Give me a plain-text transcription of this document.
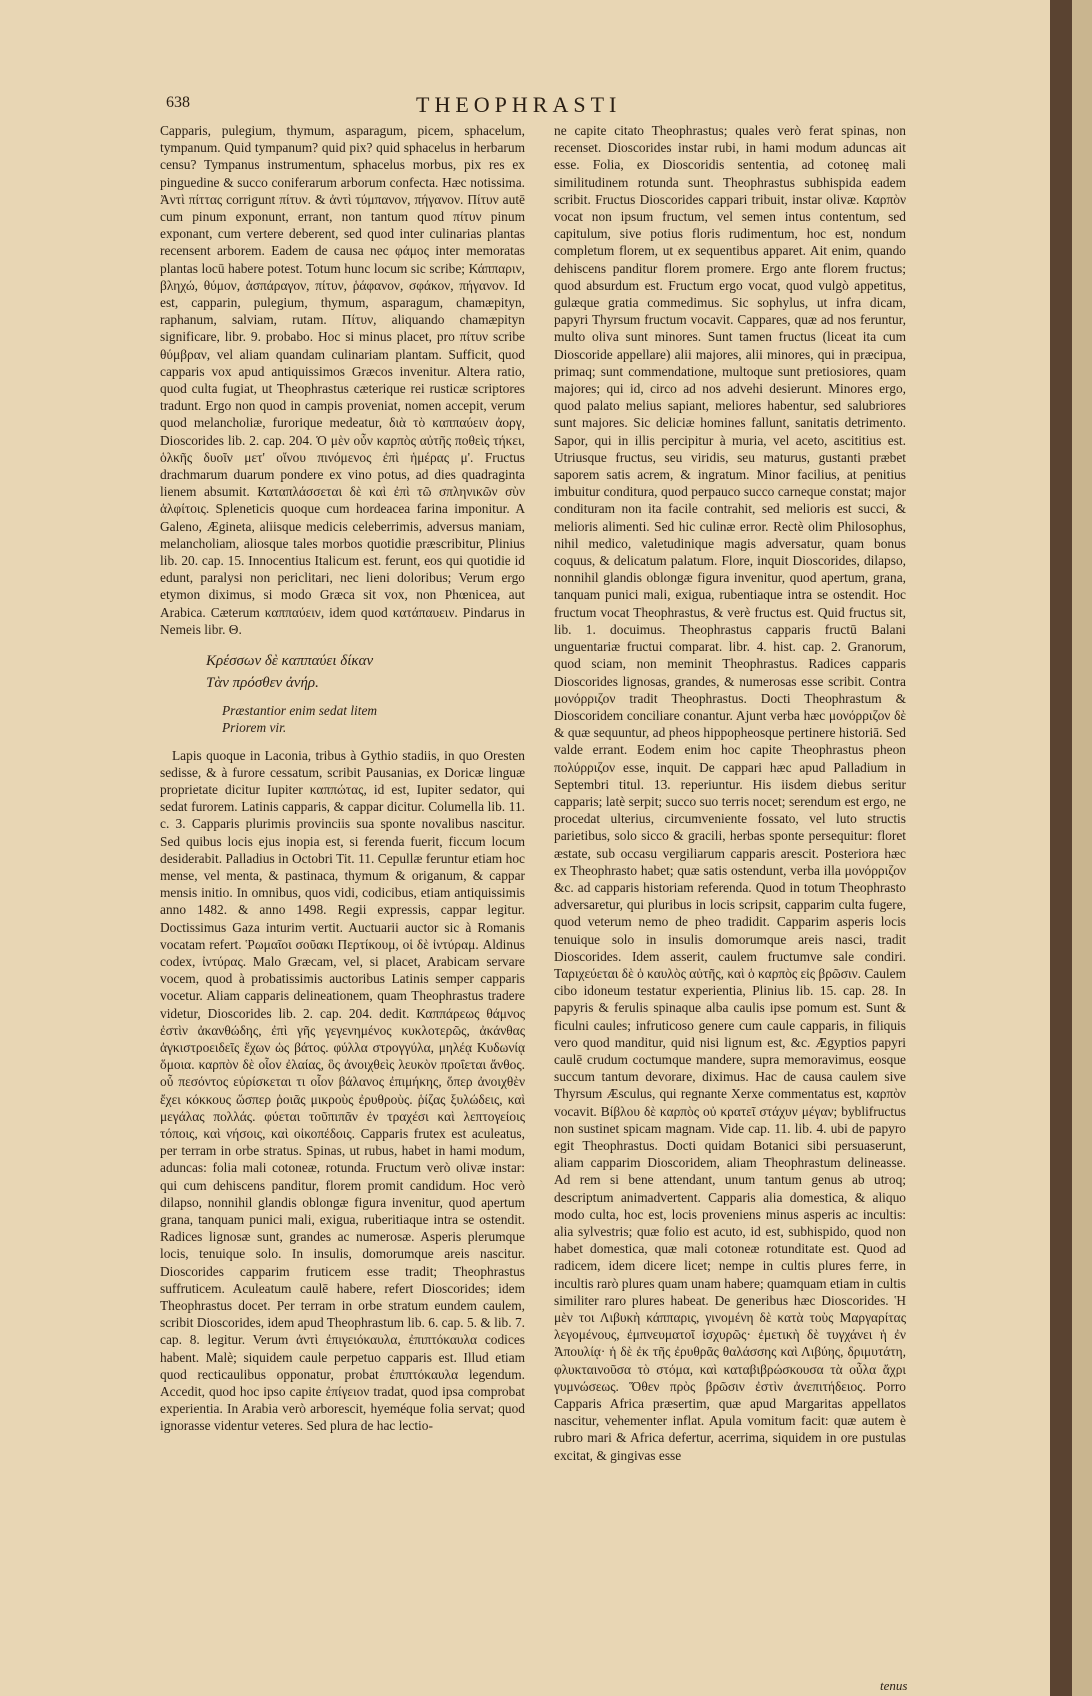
638	THEOPHRASTI

Capparis, pulegium, thymum, asparagum, picem, sphacelum, tympanum. Quid tympanum? quid pix? quid sphacelus in herbarum censu? Tympanus instrumentum, sphacelus morbus, pix res ex pinguedine & succo coniferarum arborum confecta. Hæc notissima. Ἀντὶ πίττας corrigunt πίτυν. & ἀντὶ τύμπανον, πήγανον. Πίτυν autē cum pinum exponunt, errant, non tantum quod πίτυν pinum exponant, cum vertere deberent, sed quod inter culinarias plantas recensent arborem. Eadem de causa nec φάμος inter memoratas plantas locū habere potest. Totum hunc locum sic scribe; Κάππαριν, βληχώ, θύμον, ἀσπάραγον, πίτυν, ῥάφανον, σφάκον, πήγανον. Id est, capparin, pulegium, thymum, asparagum, chamæpityn, raphanum, salviam, rutam. Πίτυν, aliquando chamæpityn significare, libr. 9. probabo. Hoc si minus placet, pro πίτυν scribe θύμβραν, vel aliam quandam culinariam plantam. Sufficit, quod capparis vox apud antiquissimos Græcos invenitur. Altera ratio, quod culta fugiat, ut Theophrastus cæterique rei rusticæ scriptores tradunt. Ergo non quod in campis proveniat, nomen accepit, verum quod melancholiæ, furorique medeatur, διὰ τὸ καππαύειν ἀοργ, Dioscorides lib. 2. cap. 204. Ὁ μὲν οὖν καρπὸς αὐτῆς ποθεὶς τήκει, ὁλκῆς δυοῖν μετ' οἴνου πινόμενος ἐπὶ ἡμέρας μ'. Fructus drachmarum duarum pondere ex vino potus, ad dies quadraginta lienem absumit. Καταπλάσσεται δὲ καὶ ἐπὶ τῶ σπληνικῶν σὺν ἀλφίτοις. Spleneticis quoque cum hordeacea farina imponitur. A Galeno, Æginetа, aliisque medicis celeberrimis, adversus maniam, melancholiam, aliosque tales morbos quotidie præscribitur, Plinius lib. 20. cap. 15. Innocentius Italicum est. ferunt, eos qui quotidie id edunt, paralysi non periclitari, nec lieni doloribus; Verum ergo etymon diximus, si modo Græca sit vox, non Phœnicea, aut Arabica. Cæterum καππαύειν, idem quod κατάπαυειν. Pindarus in Nemeis libr. Θ.

Κρέσσων δὲ καππαύει δίκαν
Τὰν πρόσθεν ἀνήρ.
Præstantior enim sedat litem
Priorem vir.

Lapis quoque in Laconia, tribus à Gythio stadiis, in quo Oresten sedisse, & à furore cessatum, scribit Pausanias, ex Doricæ linguæ proprietate dicitur Iupiter καππώτας, id est, Iupiter sedator, qui sedat furorem. Latinis capparis, & cappar dicitur. Columella lib. 11. c. 3. Capparis plurimis provinciis sua sponte novalibus nascitur. Sed quibus locis ejus inopia est, si ferenda fuerit, ficcum locum desiderabit. Palladius in Octobri Tit. 11. Cepullæ feruntur etiam hoc mense, vel menta, & pastinaca, thymum & origanum, & cappar mensis initio. In omnibus, quos vidi, codicibus, etiam antiquissimis anno 1482. & anno 1498. Regii expressis, cappar legitur. Doctissimus Gaza inturim vertit. Auctuarii auctor sic à Romanis vocatam refert. Ῥωμαῖοι σοῦακι Περτίκουμ, οἱ δὲ ἰντύραμ. Aldinus codex, ἰντύρας. Malo Græcam, vel, si placet, Arabicam servare vocem, quod à probatissimis auctoribus Latinis semper capparis vocetur. Aliam capparis delineationem, quam Theophrastus tradere videtur, Dioscorides lib. 2. cap. 204. dedit. Καππάρεως θάμνος ἐστὶν ἀκανθώδης, ἐπὶ γῆς γεγενημένος κυκλοτερῶς, ἀκάνθας ἀγκιστροειδεῖς ἔχων ὡς βάτος. φύλλα στρογγύλα, μηλέᾳ Κυδωνίᾳ ὅμοια. καρπὸν δὲ οἷον ἐλαίας, ὃς ἀνοιχθεὶς λευκὸν προΐεται ἄνθος. οὗ πεσόντος εὑρίσκεται τι οἷον βάλανος ἐπιμήκης, ὅπερ ἀνοιχθὲν ἔχει κόκκους ὥσπερ ῥοιᾶς μικροὺς ἐρυθροὺς. ῥίζας ξυλώδεις, καὶ μεγάλας πολλάς. φύεται τοῦπιπᾶν ἐν τραχέσι καὶ λεπτογείοις τόποις, καὶ νήσοις, καὶ οἰκοπέδοις. Capparis frutex est aculeatus, per terram in orbe stratus. Spinas, ut rubus, habet in hami modum, aduncas: folia mali cotoneæ, rotunda. Fructum verò olivæ instar: qui cum dehiscens panditur, florem promit candidum. Hoc verò dilapso, nonnihil glandis oblongæ figura invenitur, quod apertum grana, tanquam punici mali, exigua, ruberitiaque intra se ostendit. Radices lignosæ sunt, grandes ac numerosæ. Asperis plerumque locis, tenuique solo. In insulis, domorumque areis nascitur. Dioscorides capparim fruticem esse tradit; Theophrastus suffruticem. Aculeatum caulē habere, refert Dioscorides; idem Theophrastus docet. Per terram in orbe stratum eundem caulem, scribit Dioscorides, idem apud Theophrastum lib. 6. cap. 5. & lib. 7. cap. 8. legitur. Verum ἀντὶ ἐπιγειόκαυλα, ἐπιπτόκαυλα codices habent. Malè; siquidem caule perpetuo capparis est. Illud etiam quod recticaulibus opponatur, probat ἐπιπτόκαυλα legendum. Accedit, quod hoc ipso capite ἐπίγειον tradat, quod ipsa comprobat experientia. In Arabia verò arborescit, hyeméque folia servat; quod ignorasse videntur veteres. Sed plura de hac lectio-

ne capite citato Theophrastus; quales verò ferat spinas, non recenset. Dioscorides instar rubi, in hami modum aduncas ait esse. Folia, ex Dioscoridis sententia, ad cotoneę mali similitudinem rotunda sunt. Theophrastus subhispida eadem scribit. Fructus Dioscorides cappari tribuit, instar olivæ. Καρπὸν vocat non ipsum fructum, vel semen intus contentum, sed capitulum, sive potius floris rudimentum, hoc est, nondum completum florem, ut ex sequentibus apparet. Ait enim, quando dehiscens panditur florem promere. Ergo ante florem fructus; quod absurdum est. Fructum ergo vocat, quod vulgò appetitus, gulæque gratia commedimus. Sic sophylus, ut infra dicam, papyri Thyrsum fructum vocavit. Cappares, quæ ad nos feruntur, multo oliva sunt minores. Sunt tamen fructus (liceat ita cum Dioscoride appellare) alii majores, alii minores, qui in præcipua, primaq; sunt commendatione, multoque sunt pretiosiores, quam majores; qui id, circo ad nos advehi desierunt. Minores ergo, quod palato melius sapiant, meliores habentur, sed salubriores sunt majores. Sic deliciæ homines fallunt, sanitatis detrimento. Sapor, qui in illis percipitur à muria, vel aceto, ascititius est. Utriusque fructus, seu viridis, seu maturus, gustanti præbet saporem satis acrem, & ingratum. Minor facilius, at penitius imbuitur conditura, quod perpauco succo carneque constat; major condituram non ita facile contrahit, sed melioris est succi, & melioris alimenti. Sed hic culinæ error. Rectè olim Philosophus, nihil medico, valetudinique magis adversatur, quam bonus coquus, & delicatum palatum. Flore, inquit Dioscorides, dilapso, nonnihil glandis oblongæ figura invenitur, quod apertum, grana, tanquam punici mali, exigua, rubentiaque intra se ostendit. Hoc fructum vocat Theophrastus, & verè fructus est. Quid fructus sit, lib. 1. docuimus. Theophrastus capparis fructū Balani unguentariæ fructui comparat. libr. 4. hist. cap. 2. Granorum, quod sciam, non meminit Theophrastus. Radices capparis Dioscorides lignosas, grandes, & numerosas esse scribit. Contra μονόρριζον tradit Theophrastus. Docti Theophrastum & Dioscoridem conciliare conantur. Ajunt verba hæc μονόρριζον δὲ & quæ sequuntur, ad pheos hippopheosque pertinere historiā. Sed valde errant. Eodem enim hoc capite Theophrastus pheon πολύρριζον esse, inquit. De cappari hæc apud Palladium in Septembri titul. 13. reperiuntur. His iisdem diebus seritur capparis; latè serpit; succo suo terris nocet; serendum est ergo, ne procedat ulterius, circumveniente fossato, vel luto structis parietibus, solo sicco & gracili, herbas sponte persequitur: floret æstate, sub occasu vergiliarum capparis arescit. Posteriora hæc ex Theophrasto habet; quæ satis ostendunt, verba illa μονόρριζον &c. ad capparis historiam referenda. Quod in totum Theophrasto adversaretur, qui pluribus in locis scripsit, capparim culta fugere, quod veterum nemo de pheo tradidit. Capparim asperis locis tenuique solo in insulis domorumque areis nasci, tradit Dioscorides. Idem asserit, caulem fructumve sale condiri. Ταριχεύεται δὲ ὁ καυλὸς αὐτῆς, καὶ ὁ καρπὸς εἰς βρῶσιν. Caulem cibo idoneum testatur experientia, Plinius lib. 15. cap. 28. In papyris & ferulis spinaque alba caulis ipse pomum est. Sunt & ficulni caules; infruticoso genere cum caule capparis, in filiquis vero quod manditur, quid nisi lignum est, &c. Ægyptios papyri caulē crudum coctumque mandere, supra memoravimus, eosque succum tantum devorare, diximus. Hac de causa caulem sive Thyrsum Æsculus, qui regnante Xerxe commentatus est, καρπὸν vocavit. Βίβλου δὲ καρπὸς οὐ κρατεῖ στάχυν μέγαν; byblifructus non sustinet spicam magnam. Vide cap. 11. lib. 4. ubi de papyro egit Theophrastus. Docti quidam Botanici sibi persuaserunt, aliam capparim Dioscoridem, aliam Theophrastum delineasse. Ad rem si bene attendant, unum tantum genus ab utroq; descriptum animadvertent. Capparis alia domestica, & aliquo modo culta, hoc est, locis proveniens minus asperis ac incultis: alia sylvestris; quæ folio est acuto, id est, subhispido, quod non habet domestica, quæ mali cotoneæ rotunditate est. Quod ad radicem, idem dicere licet; nempe in cultis plures ferre, in incultis rarò plures quam unam habere; quamquam etiam in cultis similiter raro plures habeat. De generibus hæc Dioscorides. Ἡ μὲν τοι Λιβυκὴ κάππαρις, γινομένη δὲ κατὰ τοὺς Μαργαρίτας λεγομένους, ἐμπνευματοῖ ἰσχυρῶς· ἐμετικὴ δὲ τυγχάνει ἡ ἐν Ἀπουλίᾳ· ἡ δὲ ἐκ τῆς ἐρυθρᾶς θαλάσσης καὶ Λιβύης, δριμυτάτη, φλυκταινοῦσα τὸ στόμα, καὶ καταβιβρώσκουσα τὰ οὖλα ἄχρι γυμνώσεως. Ὅθεν πρὸς βρῶσιν ἐστὶν ἀνεπιτήδειος. Porro Capparis Africa præsertim, quæ apud Margaritas appellatos nascitur, vehementer inflat. Apula vomitum facit: quæ autem è rubro mari & Africa defertur, acerrima, siquidem in ore pustulas excitat, & gingivas esse

tenus
